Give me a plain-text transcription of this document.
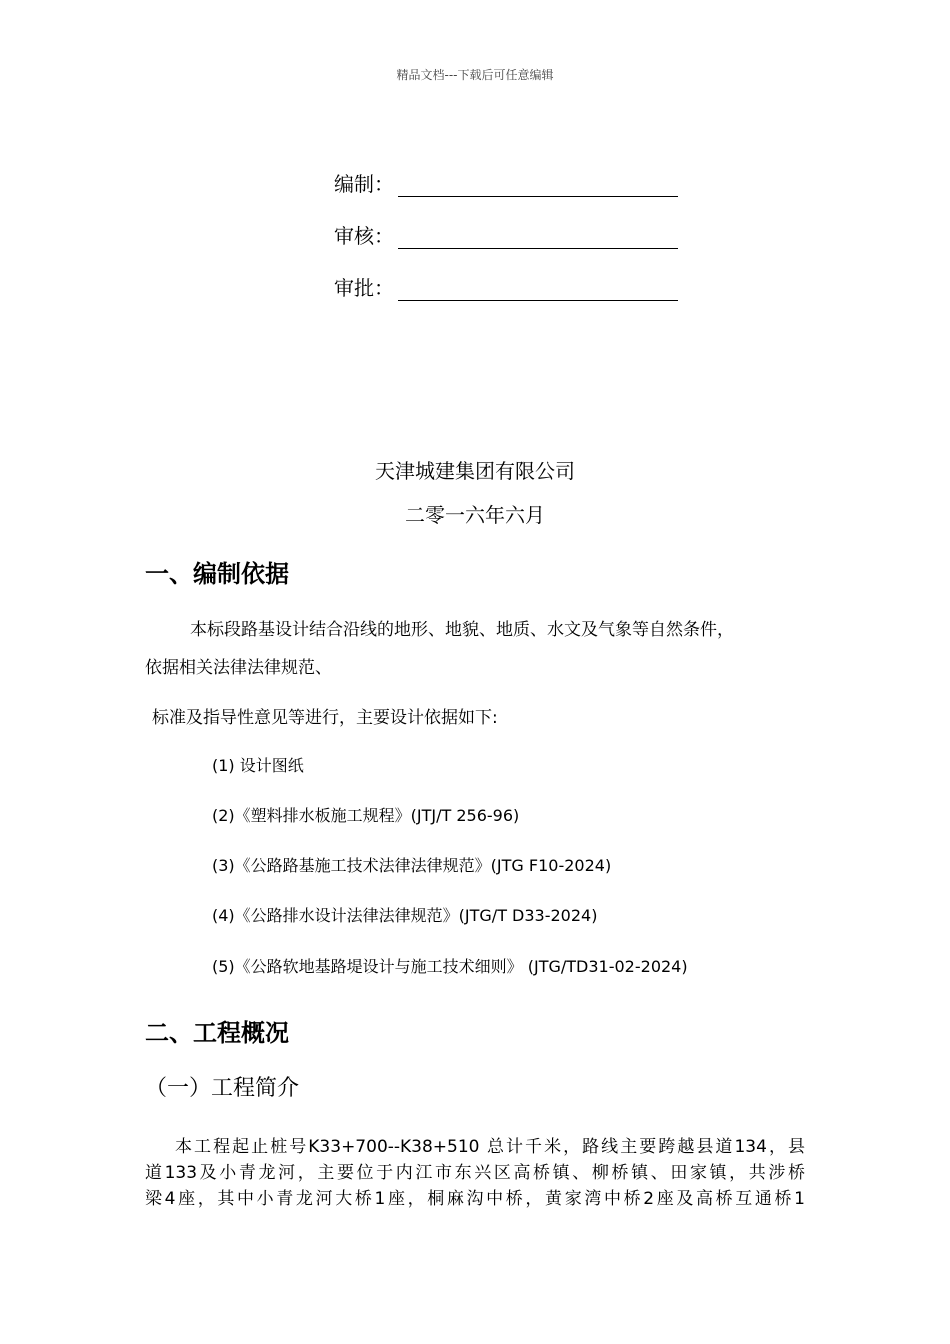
精品文档---下载后可任意编辑
编制：
审核：
审批：
天津城建集团有限公司
二零一六年六月
一、编制依据
本标段路基设计结合沿线的地形、地貌、地质、水文及气象等自然条件，
依据相关法律法律规范、
标准及指导性意见等进行，主要设计依据如下:
(1) 设计图纸
(2)《塑料排水板施工规程》(JTJ/T 256-96)
(3)《公路路基施工技术法律法律规范》(JTG F10-2024)
(4)《公路排水设计法律法律规范》(JTG/T D33-2024)
(5)《公路软地基路堤设计与施工技术细则》 (JTG/TD31-02-2024)
二、工程概况
（一）工程简介
本工程起止桩号K33+700--K38+510 总计千米，路线主要跨越县道134，县
道133及小青龙河，主要位于内江市东兴区高桥镇、柳桥镇、田家镇，共涉桥
梁4座，其中小青龙河大桥1座，桐麻沟中桥，黄家湾中桥2座及高桥互通桥1
